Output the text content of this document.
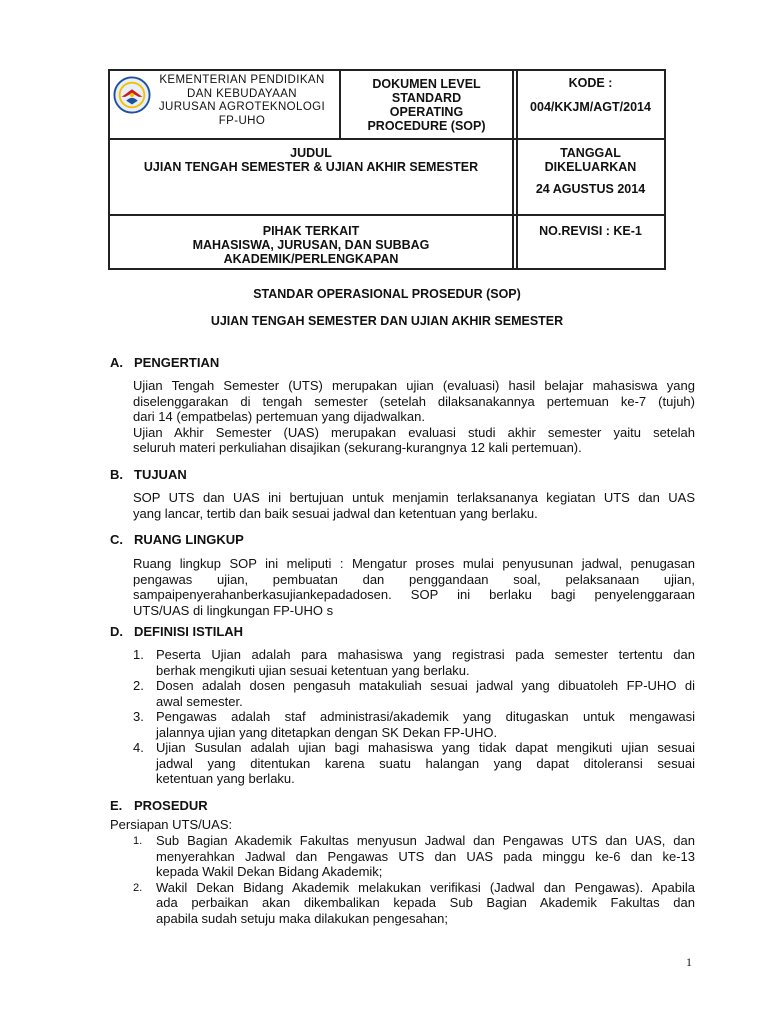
KEMENTERIAN PENDIDIKAN
DAN KEBUDAYAAN
JURUSAN AGROTEKNOLOGI
FP-UHO
DOKUMEN LEVEL
STANDARD
OPERATING
PROCEDURE (SOP)
KODE :
004/KKJM/AGT/2014
JUDUL
UJIAN TENGAH SEMESTER & UJIAN AKHIR SEMESTER
TANGGAL
DIKELUARKAN
24 AGUSTUS 2014
PIHAK TERKAIT
MAHASISWA, JURUSAN, DAN SUBBAG
AKADEMIK/PERLENGKAPAN
NO.REVISI : KE-1
STANDAR OPERASIONAL PROSEDUR (SOP)
UJIAN TENGAH SEMESTER DAN UJIAN AKHIR SEMESTER
A. PENGERTIAN
Ujian Tengah Semester (UTS) merupakan ujian (evaluasi) hasil belajar mahasiswa yang
diselenggarakan di tengah semester (setelah dilaksanakannya pertemuan ke-7 (tujuh)
dari 14 (empatbelas) pertemuan yang dijadwalkan.
Ujian Akhir Semester (UAS) merupakan evaluasi studi akhir semester yaitu setelah
seluruh materi perkuliahan disajikan (sekurang-kurangnya 12 kali pertemuan).
B. TUJUAN
SOP UTS dan UAS ini bertujuan untuk menjamin terlaksananya kegiatan UTS dan UAS
yang lancar, tertib dan baik sesuai jadwal dan ketentuan yang berlaku.
C. RUANG LINGKUP
Ruang lingkup SOP ini meliputi : Mengatur proses mulai penyusunan jadwal, penugasan
pengawas ujian, pembuatan dan penggandaan soal, pelaksanaan ujian,
sampaipenyerahanberkasujiankepadadosen. SOP ini berlaku bagi penyelenggaraan
UTS/UAS di lingkungan FP-UHO s
D. DEFINISI ISTILAH
1. Peserta Ujian adalah para mahasiswa yang registrasi pada semester tertentu dan
berhak mengikuti ujian sesuai ketentuan yang berlaku.
2. Dosen adalah dosen pengasuh matakuliah sesuai jadwal yang dibuatoleh FP-UHO di
awal semester.
3. Pengawas adalah staf administrasi/akademik yang ditugaskan untuk mengawasi
jalannya ujian yang ditetapkan dengan SK Dekan FP-UHO.
4. Ujian Susulan adalah ujian bagi mahasiswa yang tidak dapat mengikuti ujian sesuai
jadwal yang ditentukan karena suatu halangan yang dapat ditoleransi sesuai
ketentuan yang berlaku.
E. PROSEDUR
Persiapan UTS/UAS:
1. Sub Bagian Akademik Fakultas menyusun Jadwal dan Pengawas UTS dan UAS, dan
menyerahkan Jadwal dan Pengawas UTS dan UAS pada minggu ke-6 dan ke-13
kepada Wakil Dekan Bidang Akademik;
2. Wakil Dekan Bidang Akademik melakukan verifikasi (Jadwal dan Pengawas). Apabila
ada perbaikan akan dikembalikan kepada Sub Bagian Akademik Fakultas dan
apabila sudah setuju maka dilakukan pengesahan;
1
